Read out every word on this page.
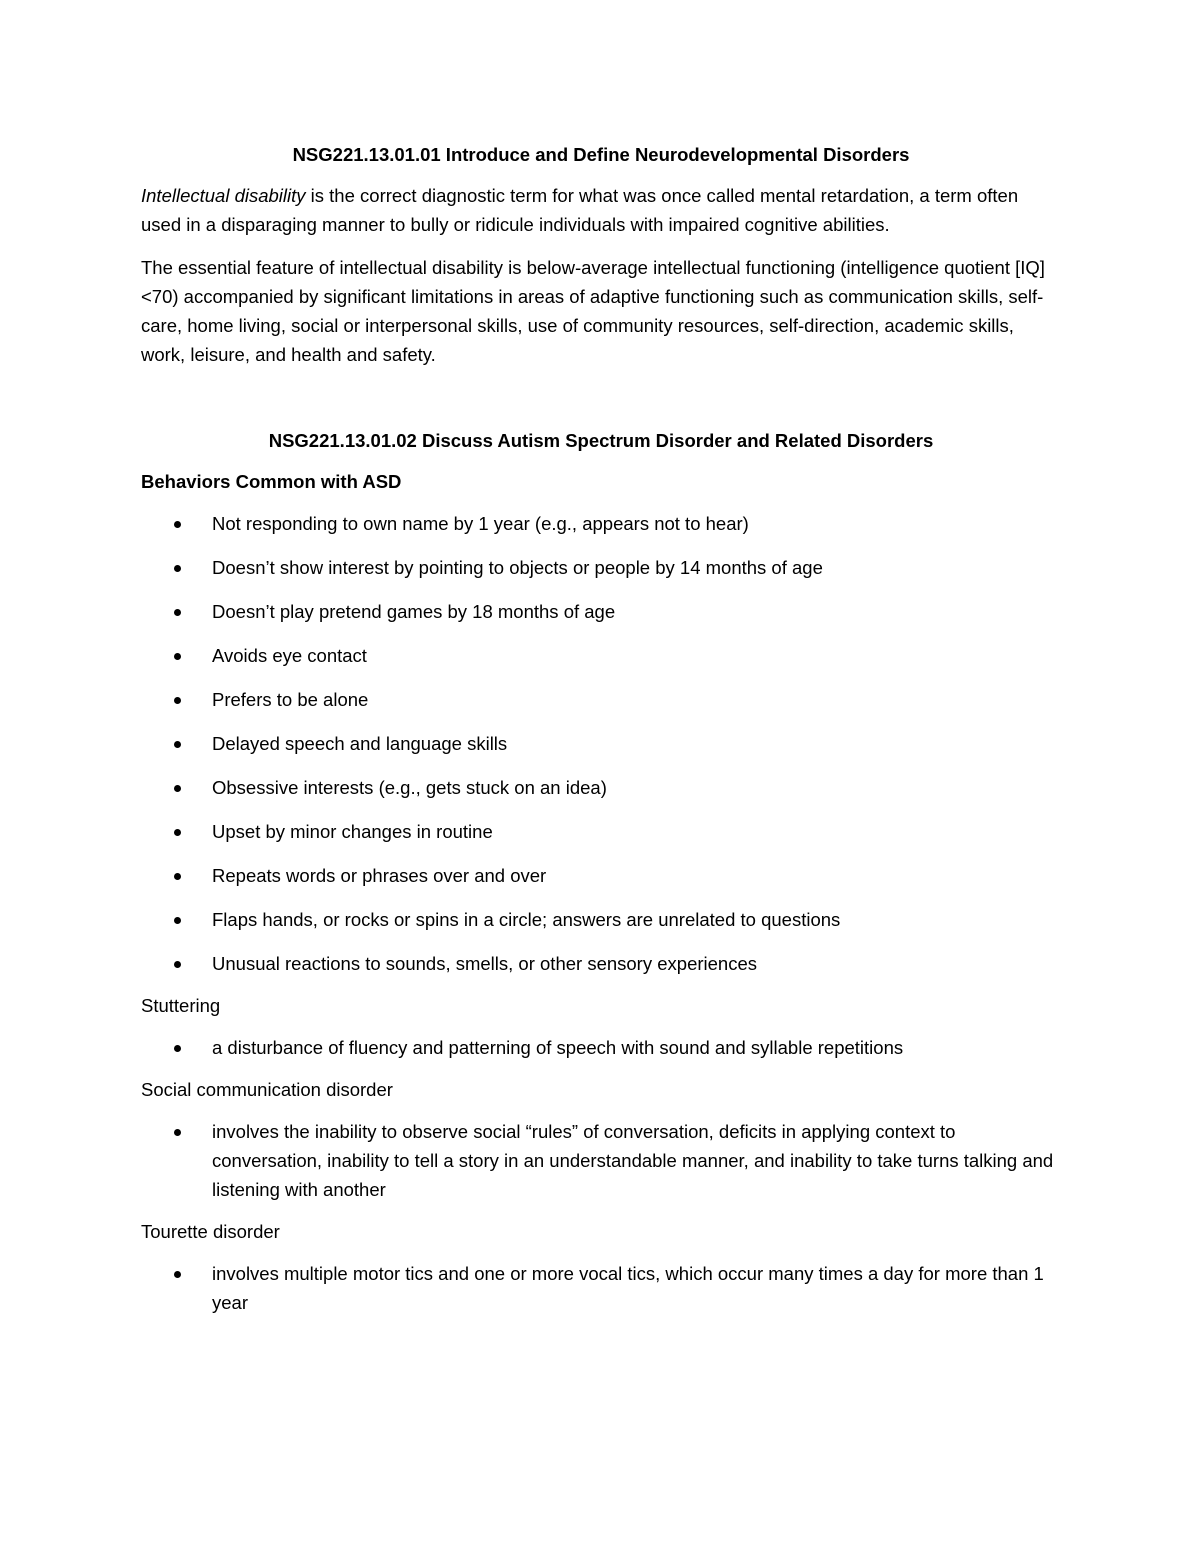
NSG221.13.01.01 Introduce and Define Neurodevelopmental Disorders

Intellectual disability is the correct diagnostic term for what was once called mental retardation, a term often used in a disparaging manner to bully or ridicule individuals with impaired cognitive abilities.

The essential feature of intellectual disability is below-average intellectual functioning (intelligence quotient [IQ] <70) accompanied by significant limitations in areas of adaptive functioning such as communication skills, self-care, home living, social or interpersonal skills, use of community resources, self-direction, academic skills, work, leisure, and health and safety.

NSG221.13.01.02 Discuss Autism Spectrum Disorder and Related Disorders
Behaviors Common with ASD
Not responding to own name by 1 year (e.g., appears not to hear)
Doesn’t show interest by pointing to objects or people by 14 months of age
Doesn’t play pretend games by 18 months of age
Avoids eye contact
Prefers to be alone
Delayed speech and language skills
Obsessive interests (e.g., gets stuck on an idea)
Upset by minor changes in routine
Repeats words or phrases over and over
Flaps hands, or rocks or spins in a circle; answers are unrelated to questions
Unusual reactions to sounds, smells, or other sensory experiences
Stuttering
a disturbance of fluency and patterning of speech with sound and syllable repetitions
Social communication disorder
involves the inability to observe social “rules” of conversation, deficits in applying context to conversation, inability to tell a story in an understandable manner, and inability to take turns talking and listening with another
Tourette disorder
involves multiple motor tics and one or more vocal tics, which occur many times a day for more than 1 year
